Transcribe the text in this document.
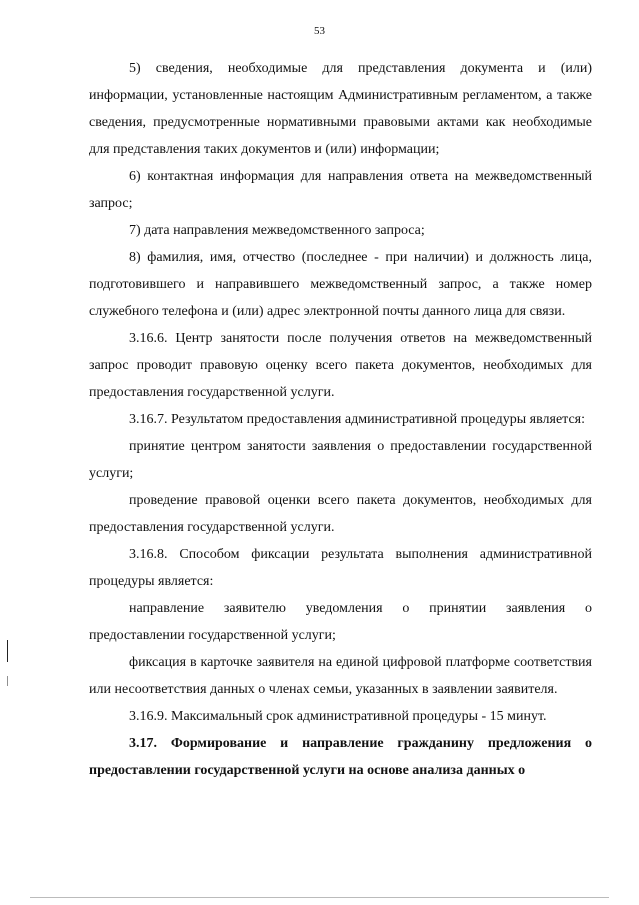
53

5) сведения, необходимые для представления документа и (или) информации, установленные настоящим Административным регламентом, а также сведения, предусмотренные нормативными правовыми актами как необходимые для представления таких документов и (или) информации;

6) контактная информация для направления ответа на межведомственный запрос;

7) дата направления межведомственного запроса;

8) фамилия, имя, отчество (последнее - при наличии) и должность лица, подготовившего и направившего межведомственный запрос, а также номер служебного телефона и (или) адрес электронной почты данного лица для связи.

3.16.6. Центр занятости после получения ответов на межведомственный запрос проводит правовую оценку всего пакета документов, необходимых для предоставления государственной услуги.

3.16.7. Результатом предоставления административной процедуры является:

принятие центром занятости заявления о предоставлении государственной услуги;

проведение правовой оценки всего пакета документов, необходимых для предоставления государственной услуги.

3.16.8. Способом фиксации результата выполнения административной процедуры является:

направление заявителю уведомления о принятии заявления о предоставлении государственной услуги;

фиксация в карточке заявителя на единой цифровой платформе соответствия или несоответствия данных о членах семьи, указанных в заявлении заявителя.

3.16.9. Максимальный срок административной процедуры - 15 минут.

3.17. Формирование и направление гражданину предложения о предоставлении государственной услуги на основе анализа данных о
